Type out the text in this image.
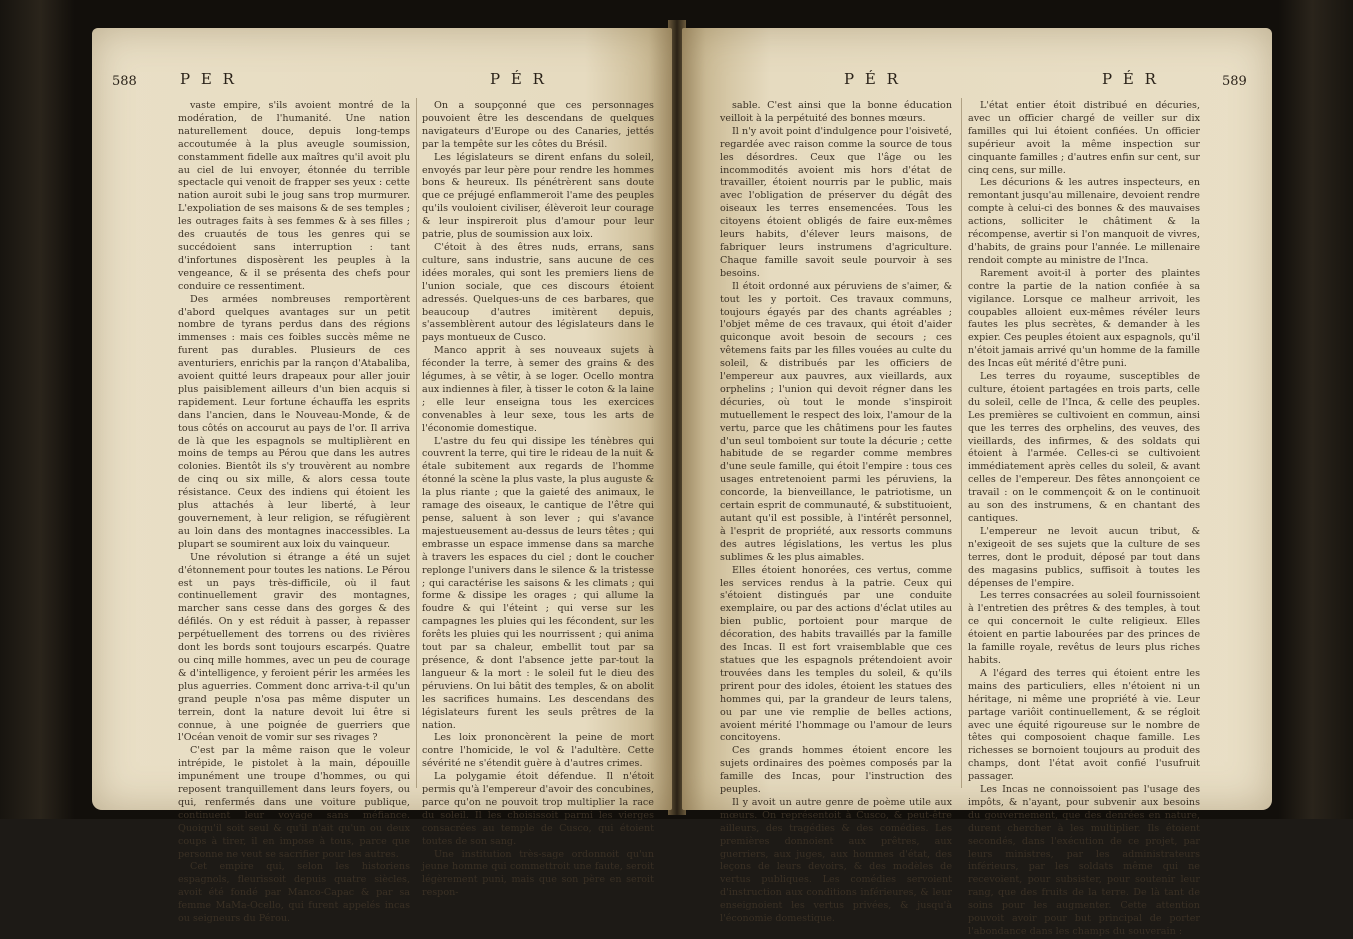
588	P E R	P É R

vaste empire, s'ils avoient montré de la modération, de l'humanité. Une nation naturellement douce, depuis long-temps accoutumée à la plus aveugle soumission, constamment fidelle aux maîtres qu'il avoit plu au ciel de lui envoyer, étonnée du terrible spectacle qui venoit de frapper ses yeux : cette nation auroit subi le joug sans trop murmurer. L'expoliation de ses maisons & de ses temples ; les outrages faits à ses femmes & à ses filles ; des cruautés de tous les genres qui se succédoient sans interruption : tant d'infortunes disposèrent les peuples à la vengeance, & il se présenta des chefs pour conduire ce ressentiment.

Des armées nombreuses remportèrent d'abord quelques avantages sur un petit nombre de tyrans perdus dans des régions immenses : mais ces foibles succès même ne furent pas durables. Plusieurs de ces aventuriers, enrichis par la rançon d'Atabaliba, avoient quitté leurs drapeaux pour aller jouir plus paisiblement ailleurs d'un bien acquis si rapidement. Leur fortune échauffa les esprits dans l'ancien, dans le Nouveau-Monde, & de tous côtés on accourut au pays de l'or. Il arriva de là que les espagnols se multiplièrent en moins de temps au Pérou que dans les autres colonies. Bientôt ils s'y trouvèrent au nombre de cinq ou six mille, & alors cessa toute résistance. Ceux des indiens qui étoient les plus attachés à leur liberté, à leur gouvernement, à leur religion, se réfugièrent au loin dans des montagnes inaccessibles. La plupart se soumirent aux loix du vainqueur.

Une révolution si étrange a été un sujet d'étonnement pour toutes les nations. Le Pérou est un pays très-difficile, où il faut continuellement gravir des montagnes, marcher sans cesse dans des gorges & des défilés. On y est réduit à passer, à repasser perpétuellement des torrens ou des rivières dont les bords sont toujours escarpés. Quatre ou cinq mille hommes, avec un peu de courage & d'intelligence, y feroient périr les armées les plus aguerries. Comment donc arriva-t-il qu'un grand peuple n'osa pas même disputer un terrein, dont la nature devoit lui être si connue, à une poignée de guerriers que l'Océan venoit de vomir sur ses rivages ?

C'est par la même raison que le voleur intrépide, le pistolet à la main, dépouille impunément une troupe d'hommes, ou qui reposent tranquillement dans leurs foyers, ou qui, renfermés dans une voiture publique, continuent leur voyage sans méfiance. Quoiqu'il soit seul & qu'il n'ait qu'un ou deux coups à tirer, il en impose à tous, parce que personne ne veut se sacrifier pour les autres.

Cet empire qui, selon les historiens espagnols, fleurissoit depuis quatre siècles, avoit été fondé par Manco-Capac & par sa femme MaMa-Ocello, qui furent appelés incas ou seigneurs du Pérou.

On a soupçonné que ces personnages pouvoient être les descendans de quelques navigateurs d'Europe ou des Canaries, jettés par la tempête sur les côtes du Brésil.

Les législateurs se dirent enfans du soleil, envoyés par leur père pour rendre les hommes bons & heureux. Ils pénétrèrent sans doute que ce préjugé enflammeroit l'ame des peuples qu'ils vouloient civiliser, élèveroit leur courage & leur inspireroit plus d'amour pour leur patrie, plus de soumission aux loix.

C'étoit à des êtres nuds, errans, sans culture, sans industrie, sans aucune de ces idées morales, qui sont les premiers liens de l'union sociale, que ces discours étoient adressés. Quelques-uns de ces barbares, que beaucoup d'autres imitèrent depuis, s'assemblèrent autour des législateurs dans le pays montueux de Cusco.

Manco apprit à ses nouveaux sujets à féconder la terre, à semer des grains & des légumes, à se vêtir, à se loger. Ocello montra aux indiennes à filer, à tisser le coton & la laine ; elle leur enseigna tous les exercices convenables à leur sexe, tous les arts de l'économie domestique.

L'astre du feu qui dissipe les ténèbres qui couvrent la terre, qui tire le rideau de la nuit & étale subitement aux regards de l'homme étonné la scène la plus vaste, la plus auguste & la plus riante ; que la gaieté des animaux, le ramage des oiseaux, le cantique de l'être qui pense, saluent à son lever ; qui s'avance majestueusement au-dessus de leurs têtes ; qui embrasse un espace immense dans sa marche à travers les espaces du ciel ; dont le coucher replonge l'univers dans le silence & la tristesse ; qui caractérise les saisons & les climats ; qui forme & dissipe les orages ; qui allume la foudre & qui l'éteint ; qui verse sur les campagnes les pluies qui les fécondent, sur les forêts les pluies qui les nourrissent ; qui anima tout par sa chaleur, embellit tout par sa présence, & dont l'absence jette par-tout la langueur & la mort : le soleil fut le dieu des péruviens. On lui bâtit des temples, & on abolit les sacrifices humains. Les descendans des législateurs furent les seuls prêtres de la nation.

Les loix prononcèrent la peine de mort contre l'homicide, le vol & l'adultère. Cette sévérité ne s'étendit guère à d'autres crimes.

La polygamie étoit défendue. Il n'étoit permis qu'à l'empereur d'avoir des concubines, parce qu'on ne pouvoit trop multiplier la race du soleil. Il les choisissoit parmi les vierges consacrées au temple de Cusco, qui étoient toutes de son sang.

Une institution très-sage ordonnoit qu'un jeune homme qui commettroit une faute, seroit légèrement puni, mais que son père en seroit respon-

P É R	P É R	589

sable. C'est ainsi que la bonne éducation veilloit à la perpétuité des bonnes mœurs.

Il n'y avoit point d'indulgence pour l'oisiveté, regardée avec raison comme la source de tous les désordres. Ceux que l'âge ou les incommodités avoient mis hors d'état de travailler, étoient nourris par le public, mais avec l'obligation de préserver du dégât des oiseaux les terres ensemencées. Tous les citoyens étoient obligés de faire eux-mêmes leurs habits, d'élever leurs maisons, de fabriquer leurs instrumens d'agriculture. Chaque famille savoit seule pourvoir à ses besoins.

Il étoit ordonné aux péruviens de s'aimer, & tout les y portoit. Ces travaux communs, toujours égayés par des chants agréables ; l'objet même de ces travaux, qui étoit d'aider quiconque avoit besoin de secours ; ces vêtemens faits par les filles vouées au culte du soleil, & distribués par les officiers de l'empereur aux pauvres, aux vieillards, aux orphelins ; l'union qui devoit régner dans les décuries, où tout le monde s'inspiroit mutuellement le respect des loix, l'amour de la vertu, parce que les châtimens pour les fautes d'un seul tomboient sur toute la décurie ; cette habitude de se regarder comme membres d'une seule famille, qui étoit l'empire : tous ces usages entretenoient parmi les péruviens, la concorde, la bienveillance, le patriotisme, un certain esprit de communauté, & substituoient, autant qu'il est possible, à l'intérêt personnel, à l'esprit de propriété, aux ressorts communs des autres législations, les vertus les plus sublimes & les plus aimables.

Elles étoient honorées, ces vertus, comme les services rendus à la patrie. Ceux qui s'étoient distingués par une conduite exemplaire, ou par des actions d'éclat utiles au bien public, portoient pour marque de décoration, des habits travaillés par la famille des Incas. Il est fort vraisemblable que ces statues que les espagnols prétendoient avoir trouvées dans les temples du soleil, & qu'ils prirent pour des idoles, étoient les statues des hommes qui, par la grandeur de leurs talens, ou par une vie remplie de belles actions, avoient mérité l'hommage ou l'amour de leurs concitoyens.

Ces grands hommes étoient encore les sujets ordinaires des poèmes composés par la famille des Incas, pour l'instruction des peuples.

Il y avoit un autre genre de poème utile aux mœurs. On représentoit à Cusco, & peut-être ailleurs, des tragédies & des comédies. Les premières donnoient aux prêtres, aux guerriers, aux juges, aux hommes d'état, des leçons de leurs devoirs, & des modèles de vertus publiques. Les comédies servoient d'instruction aux conditions inférieures, & leur enseignoient les vertus privées, & jusqu'à l'économie domestique.

L'état entier étoit distribué en décuries, avec un officier chargé de veiller sur dix familles qui lui étoient confiées. Un officier supérieur avoit la même inspection sur cinquante familles ; d'autres enfin sur cent, sur cinq cens, sur mille.

Les décurions & les autres inspecteurs, en remontant jusqu'au millenaire, devoient rendre compte à celui-ci des bonnes & des mauvaises actions, solliciter le châtiment & la récompense, avertir si l'on manquoit de vivres, d'habits, de grains pour l'année. Le millenaire rendoit compte au ministre de l'Inca.

Rarement avoit-il à porter des plaintes contre la partie de la nation confiée à sa vigilance. Lorsque ce malheur arrivoit, les coupables alloient eux-mêmes révéler leurs fautes les plus secrètes, & demander à les expier. Ces peuples étoient aux espagnols, qu'il n'étoit jamais arrivé qu'un homme de la famille des Incas eût mérité d'être puni.

Les terres du royaume, susceptibles de culture, étoient partagées en trois parts, celle du soleil, celle de l'Inca, & celle des peuples. Les premières se cultivoient en commun, ainsi que les terres des orphelins, des veuves, des vieillards, des infirmes, & des soldats qui étoient à l'armée. Celles-ci se cultivoient immédiatement après celles du soleil, & avant celles de l'empereur. Des fêtes annonçoient ce travail : on le commençoit & on le continuoit au son des instrumens, & en chantant des cantiques.

L'empereur ne levoit aucun tribut, & n'exigeoit de ses sujets que la culture de ses terres, dont le produit, déposé par tout dans des magasins publics, suffisoit à toutes les dépenses de l'empire.

Les terres consacrées au soleil fournissoient à l'entretien des prêtres & des temples, à tout ce qui concernoit le culte religieux. Elles étoient en partie labourées par des princes de la famille royale, revêtus de leurs plus riches habits.

A l'égard des terres qui étoient entre les mains des particuliers, elles n'étoient ni un héritage, ni même une propriété à vie. Leur partage variôit continuellement, & se régloit avec une équité rigoureuse sur le nombre de têtes qui composoient chaque famille. Les richesses se bornoient toujours au produit des champs, dont l'état avoit confié l'usufruit passager.

Les Incas ne connoissoient pas l'usage des impôts, & n'ayant, pour subvenir aux besoins du gouvernement, que des denrées en nature, durent chercher à les multiplier. Ils étoient secondés, dans l'exécution de ce projet, par leurs ministres, par les administrateurs inférieurs, par les soldats même qui ne recevoient, pour subsister, pour soutenir leur rang, que des fruits de la terre. De là tant de soins pour les augmenter. Cette attention pouvoit avoir pour but principal de porter l'abondance dans les champs du souverain :
